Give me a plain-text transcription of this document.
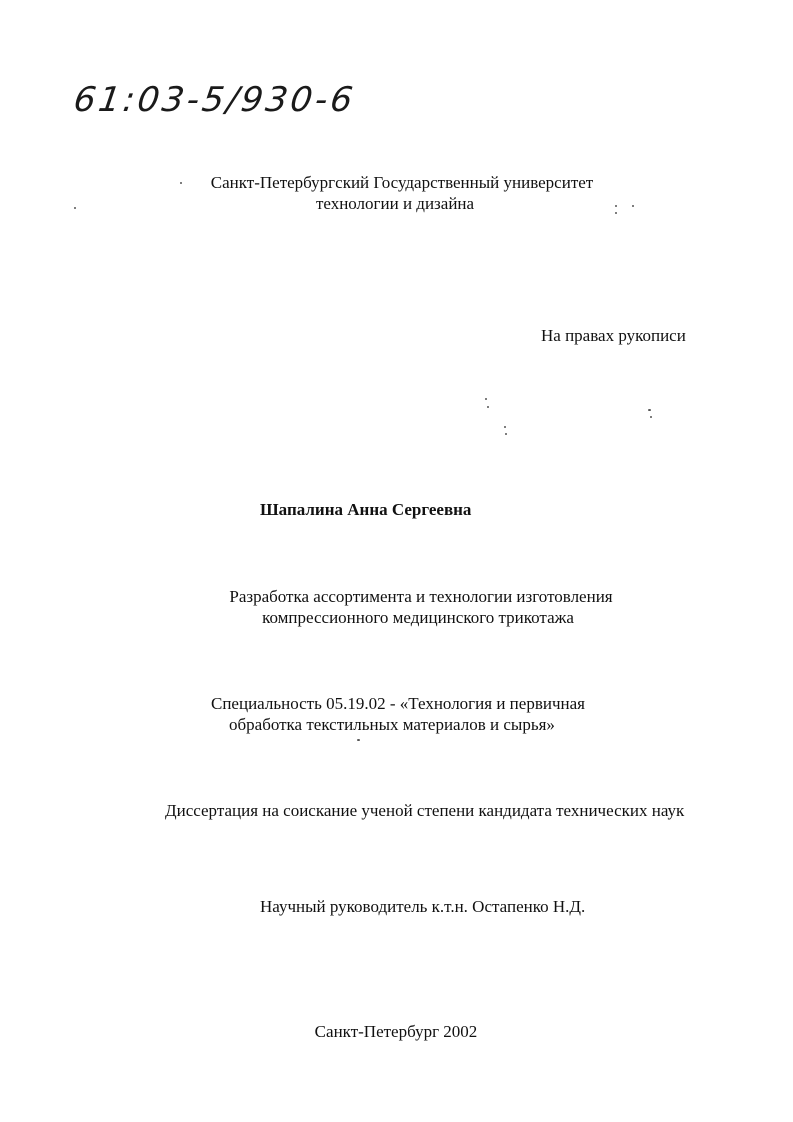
61:03-5/930-6
Санкт-Петербургский Государственный университет
технологии и дизайна
На правах рукописи
Шапалина Анна Сергеевна
Разработка ассортимента и технологии изготовления
компрессионного медицинского трикотажа
Специальность 05.19.02 - «Технология и первичная
обработка текстильных материалов и сырья»
Диссертация на соискание ученой степени кандидата технических наук
Научный руководитель к.т.н. Остапенко Н.Д.
Санкт-Петербург 2002
